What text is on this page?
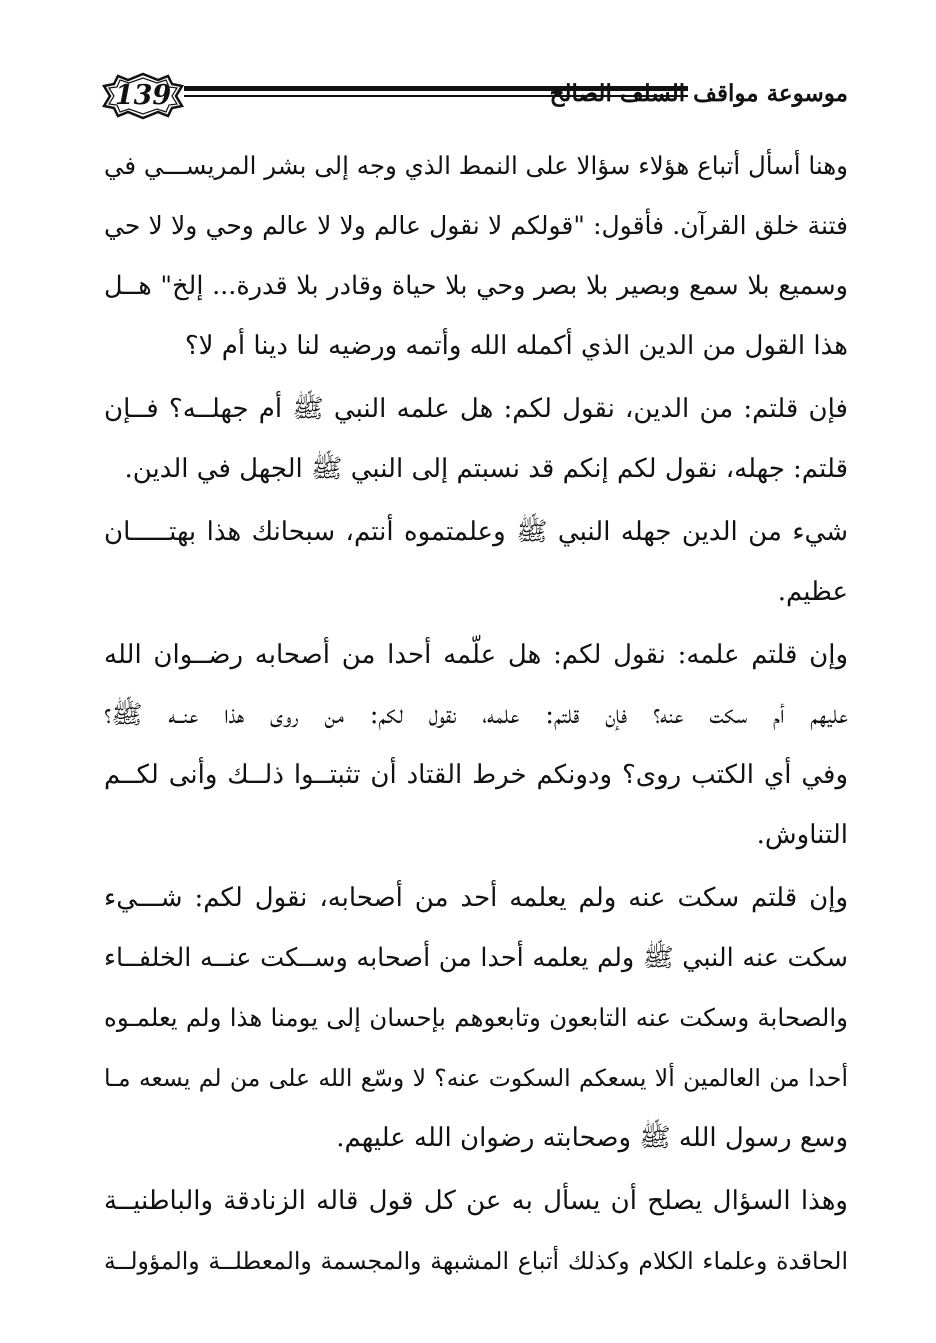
139	موسوعة مواقف السلف الصالح
وهنا أسأل أتباع هؤلاء سؤالا على النمط الذي وجه إلى بشر المريســـي في
فتنة خلق القرآن. فأقول: "قولكم لا نقول عالم ولا لا عالم وحي ولا لا حي
وسميع بلا سمع وبصير بلا بصر وحي بلا حياة وقادر بلا قدرة... إلخ" هــل
هذا القول من الدين الذي أكمله الله وأتمه ورضيه لنا دينا أم لا؟
فإن قلتم: من الدين، نقول لكم: هل علمه النبي ﷺ أم جهلــه؟ فــإن
قلتم: جهله، نقول لكم إنكم قد نسبتم إلى النبي ﷺ الجهل في الدين.
شيء من الدين جهله النبي ﷺ وعلمتموه أنتم، سبحانك هذا بهتـــــان
عظيم.
وإن قلتم علمه: نقول لكم: هل علّمه أحدا من أصحابه رضــوان الله
عليهم أم سكت عنه؟ فإن قلتم: علمه، نقول لكم: من روى هذا عنــه ﷺ؟
وفي أي الكتب روى؟ ودونكم خرط القتاد أن تثبتــوا ذلــك وأنى لكــم
التناوش.
وإن قلتم سكت عنه ولم يعلمه أحد من أصحابه، نقول لكم: شـــيء
سكت عنه النبي ﷺ ولم يعلمه أحدا من أصحابه وســكت عنــه الخلفــاء
والصحابة وسكت عنه التابعون وتابعوهم بإحسان إلى يومنا هذا ولم يعلمـوه
أحدا من العالمين ألا يسعكم السكوت عنه؟ لا وسّع الله على من لم يسعه مـا
وسع رسول الله ﷺ وصحابته رضوان الله عليهم.
وهذا السؤال يصلح أن يسأل به عن كل قول قاله الزنادقة والباطنيــة
الحاقدة وعلماء الكلام وكذلك أتباع المشبهة والمجسمة والمعطلــة والمؤولــة
